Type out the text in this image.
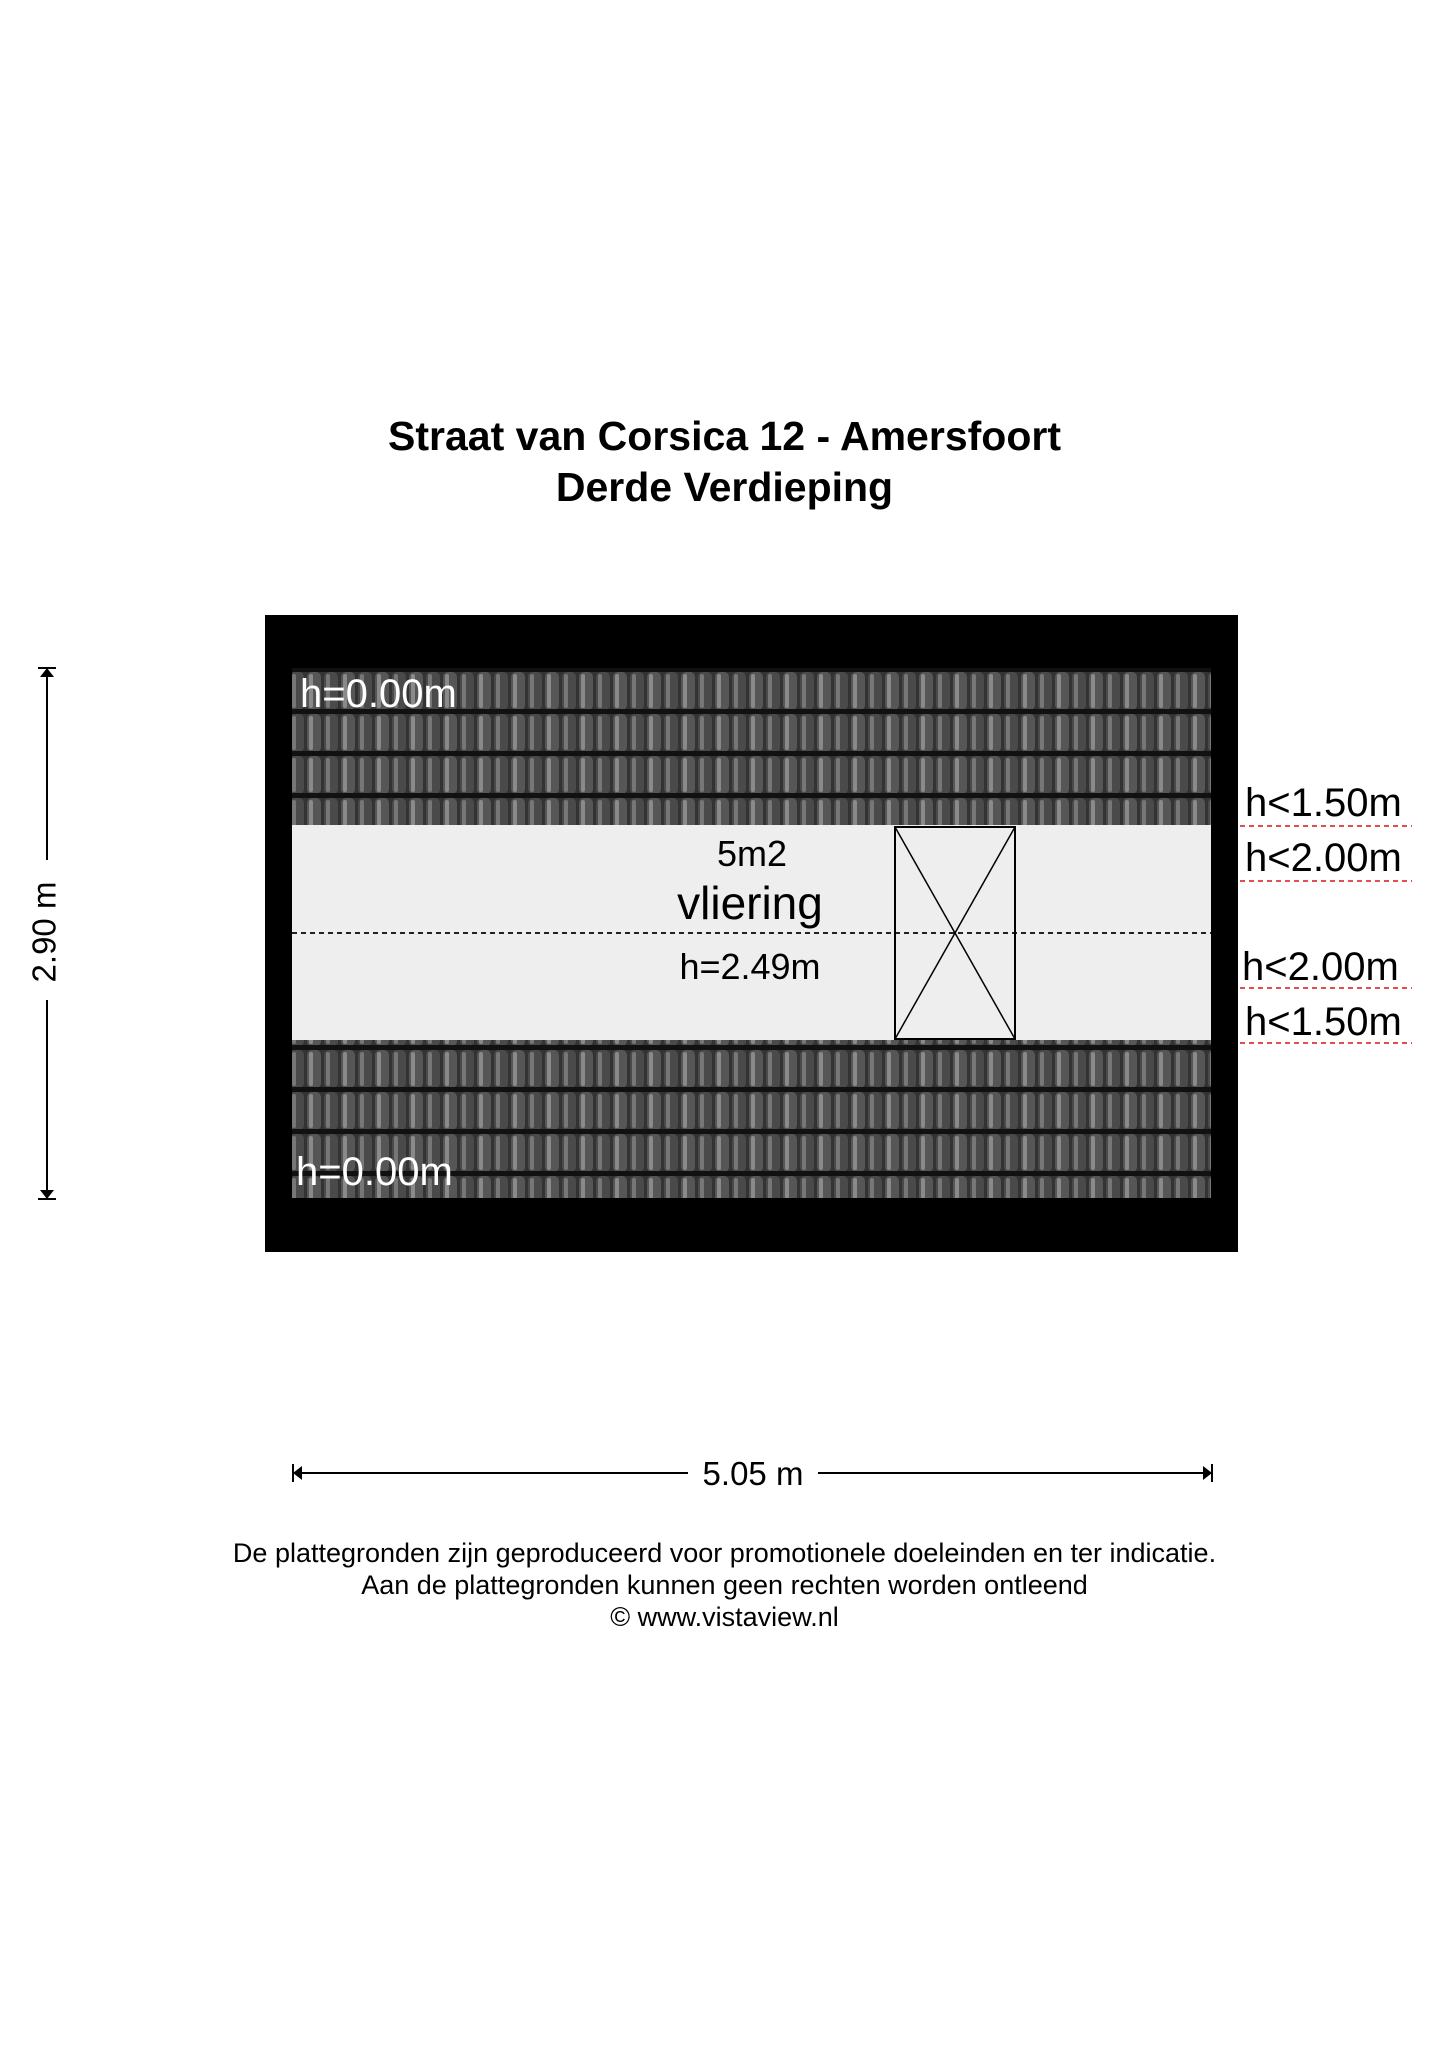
Straat van Corsica 12 - Amersfoort
Derde Verdieping
h=0.00m
h=0.00m
5m2
vliering
h=2.49m
h<1.50m
h<2.00m
h<2.00m
h<1.50m
2.90 m
5.05 m
De plattegronden zijn geproduceerd voor promotionele doeleinden en ter indicatie.
Aan de plattegronden kunnen geen rechten worden ontleend
© www.vistaview.nl
